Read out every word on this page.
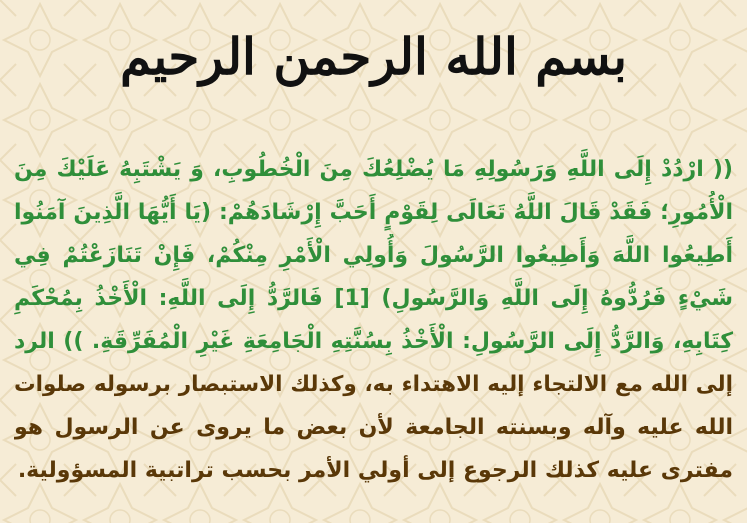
بسم الله الرحمن الرحيم
(( ارْدُدْ إِلَى اللَّهِ وَرَسُولِهِ مَا يُضْلِعُكَ مِنَ الْخُطُوبِ، وَ يَشْتَبِهُ عَلَيْكَ مِنَ
الْأُمُورِ؛ فَقَدْ قَالَ اللَّهُ تَعَالَى لِقَوْمٍ أَحَبَّ إِرْشَادَهُمْ: (يَا أَيُّهَا الَّذِينَ آمَنُوا
أَطِيعُوا اللَّهَ وَأَطِيعُوا الرَّسُولَ وَأُولِي الْأَمْرِ مِنْكُمْ، فَإِنْ تَنَازَعْتُمْ فِي
شَيْءٍ فَرُدُّوهُ إِلَى اللَّهِ وَالرَّسُولِ) [1] فَالرَّدُّ إِلَى اللَّهِ: الْأَخْذُ بِمُحْكَمِ
كِتَابِهِ، وَالرَّدُّ إِلَى الرَّسُولِ: الْأَخْذُ بِسُنَّتِهِ الْجَامِعَةِ غَيْرِ الْمُفَرِّقَةِ. )) الرد
إلى الله مع الالتجاء إليه الاهتداء به، وكذلك الاستبصار برسوله صلوات
الله عليه وآله وبسنته الجامعة لأن بعض ما يروى عن الرسول هو
مفترى عليه كذلك الرجوع إلى أولي الأمر بحسب تراتبية المسؤولية.
